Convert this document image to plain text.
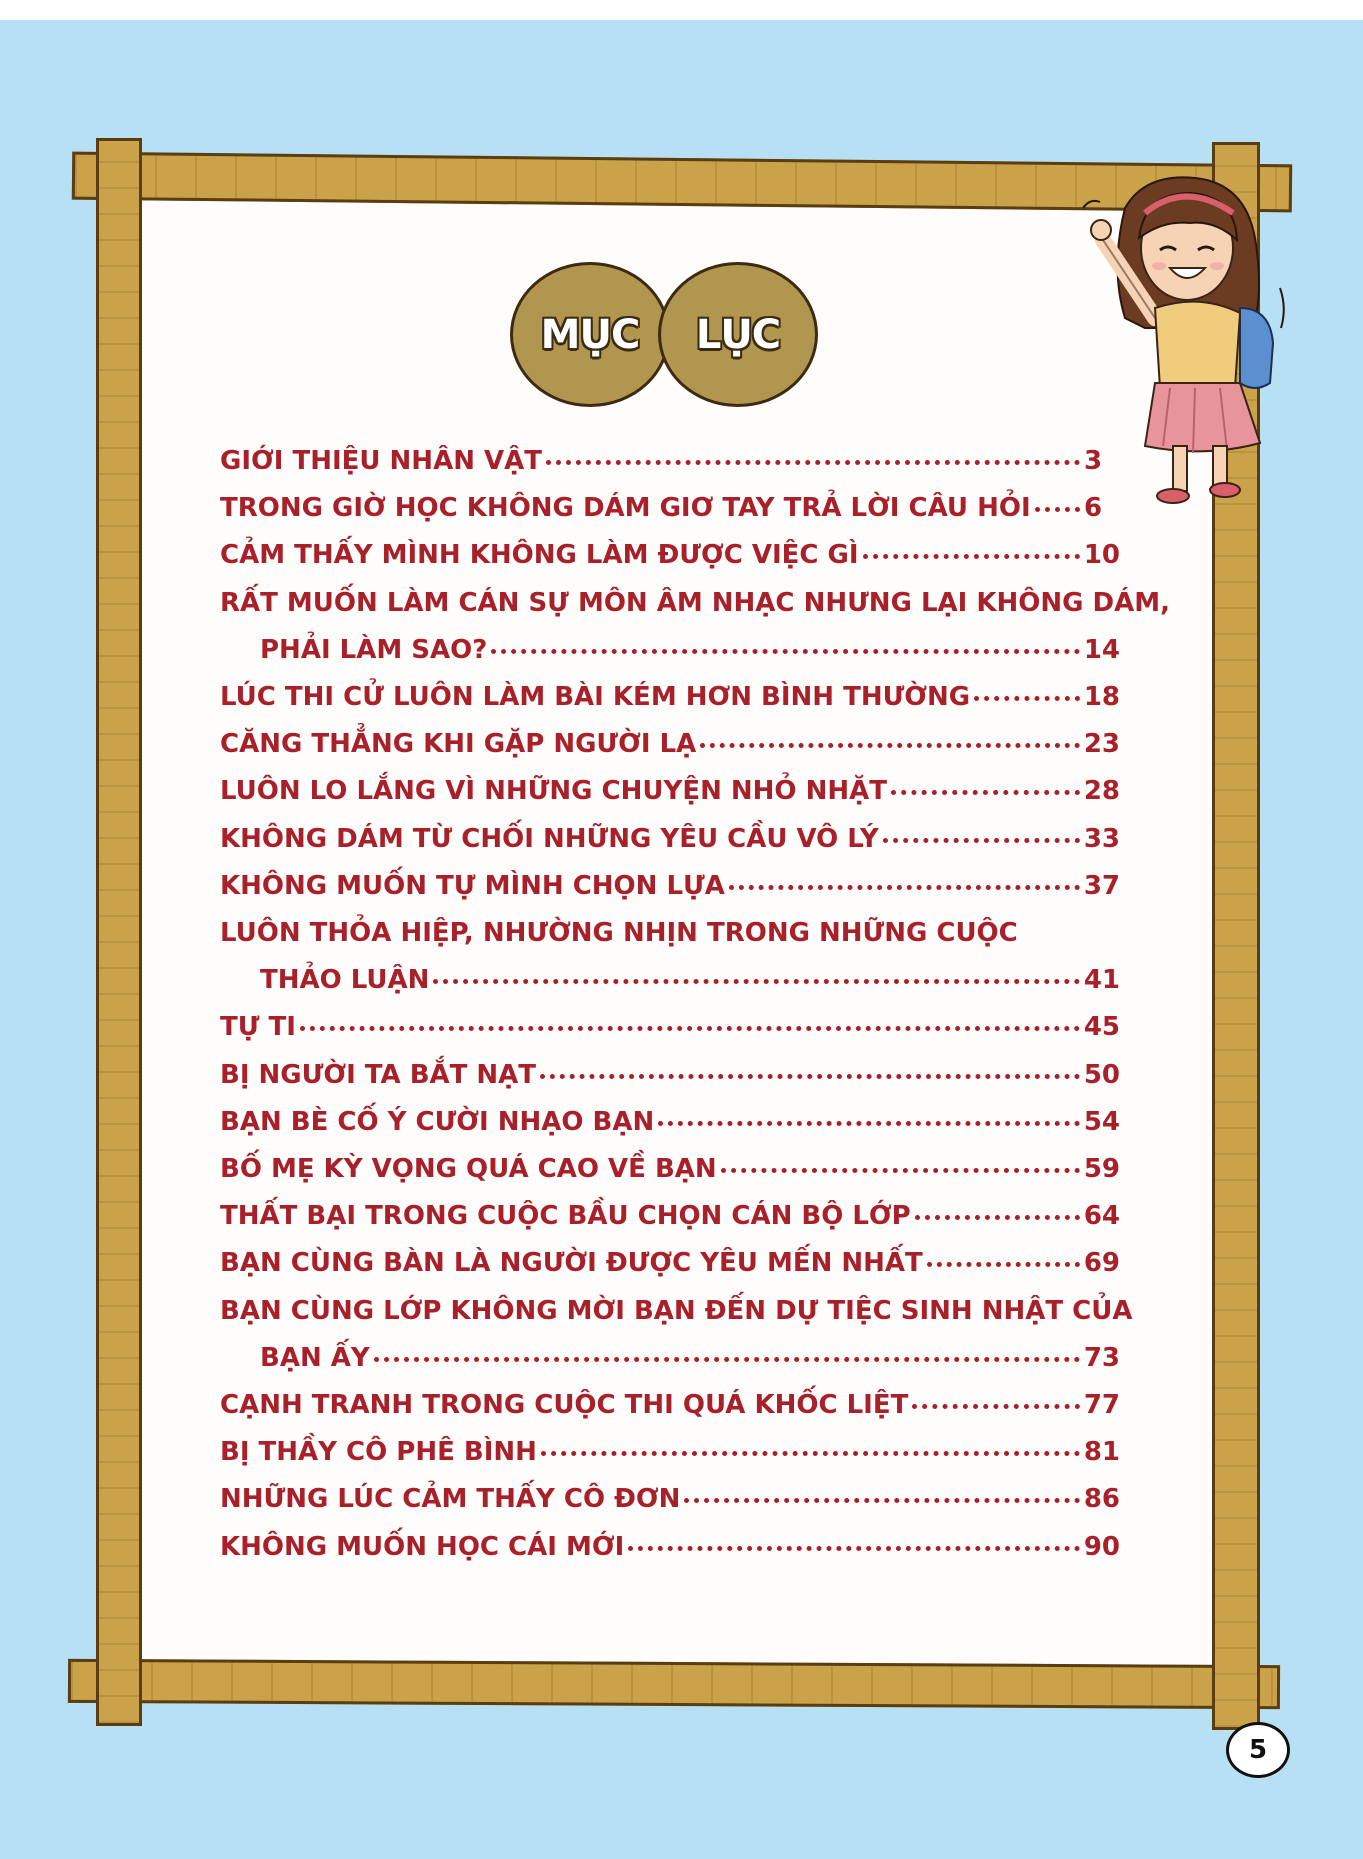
MỤC LỤC
GIỚI THIỆU NHÂN VẬT	3
TRONG GIỜ HỌC KHÔNG DÁM GIƠ TAY TRẢ LỜI CÂU HỎI 6
CẢM THẤY MÌNH KHÔNG LÀM ĐƯỢC VIỆC GÌ	10
RẤT MUỐN LÀM CÁN SỰ MÔN ÂM NHẠC NHƯNG LẠI KHÔNG DÁM,
PHẢI LÀM SAO?	14
LÚC THI CỬ LUÔN LÀM BÀI KÉM HƠN BÌNH THƯỜNG	18
CĂNG THẲNG KHI GẶP NGƯỜI LẠ	23
LUÔN LO LẮNG VÌ NHỮNG CHUYỆN NHỎ NHẶT	28
KHÔNG DÁM TỪ CHỐI NHỮNG YÊU CẦU VÔ LÝ	33
KHÔNG MUỐN TỰ MÌNH CHỌN LỰA	37
LUÔN THỎA HIỆP, NHƯỜNG NHỊN TRONG NHỮNG CUỘC
THẢO LUẬN	41
TỰ TI	45
BỊ NGƯỜI TA BẮT NẠT	50
BẠN BÈ CỐ Ý CƯỜI NHẠO BẠN	54
BỐ MẸ KỲ VỌNG QUÁ CAO VỀ BẠN	59
THẤT BẠI TRONG CUỘC BẦU CHỌN CÁN BỘ LỚP	64
BẠN CÙNG BÀN LÀ NGƯỜI ĐƯỢC YÊU MẾN NHẤT	69
BẠN CÙNG LỚP KHÔNG MỜI BẠN ĐẾN DỰ TIỆC SINH NHẬT CỦA
BẠN ẤY	73
CẠNH TRANH TRONG CUỘC THI QUÁ KHỐC LIỆT	77
BỊ THẦY CÔ PHÊ BÌNH	81
NHỮNG LÚC CẢM THẤY CÔ ĐƠN	86
KHÔNG MUỐN HỌC CÁI MỚI	90
5
